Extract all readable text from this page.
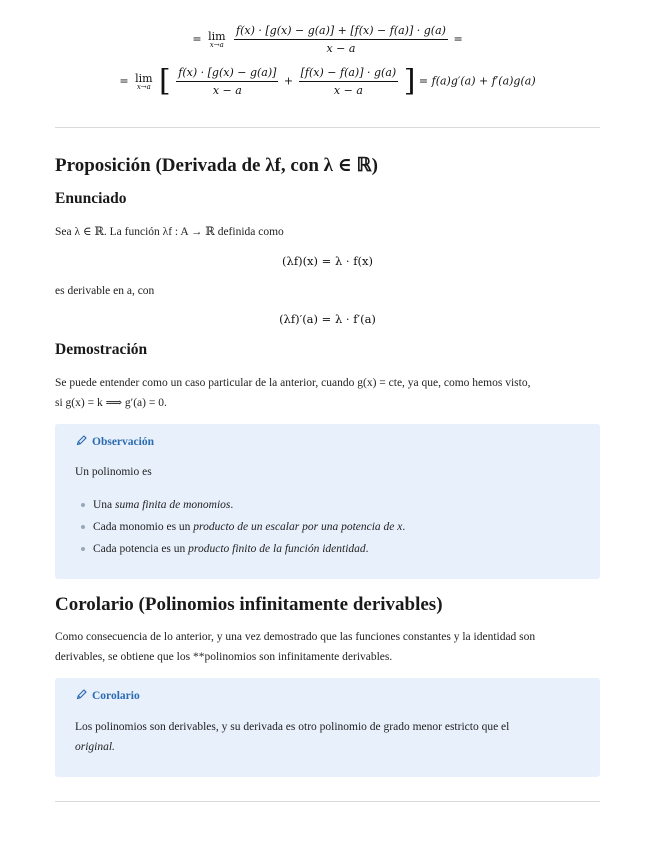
= lim
x→a
$\frac{f(x) \cdot [g(x) - g(a)] + [f(x) - f(a)] \cdot g(a)}{x - a}$ =
= lim
x→a [ $\frac{f(x) \cdot [g(x) - g(a)]}{x - a} + \frac{[f(x) - f(a)] \cdot g(a)}{x - a}$ ] = f(a)g′(a) + f′(a)g(a)
Proposición (Derivada de λf, con λ ∈ ℝ)
Enunciado
Sea λ ∈ ℝ. La función λf : A → ℝ definida como
(λf)(x) = λ · f(x)
es derivable en a, con
(λf)′(a) = λ · f′(a)
Demostración
Se puede entender como un caso particular de la anterior, cuando g(x) = cte, ya que, como hemos visto,
si g(x) = k ⟹ g′(a) = 0.
Observación
Un polinomio es
Una suma finita de monomios.
Cada monomio es un producto de un escalar por una potencia de x.
Cada potencia es un producto finito de la función identidad.
Corolario (Polinomios infinitamente derivables)
Como consecuencia de lo anterior, y una vez demostrado que las funciones constantes y la identidad son
derivables, se obtiene que los **polinomios son infinitamente derivables.
Corolario
Los polinomios son derivables, y su derivada es otro polinomio de grado menor estricto que el
original.
